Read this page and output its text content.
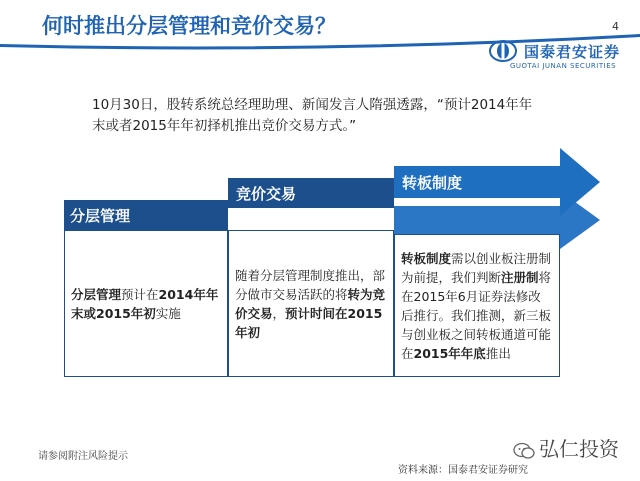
何时推出分层管理和竞价交易？	4
国泰君安证券
GUOTAI JUNAN SECURITIES
10月30日，股转系统总经理助理、新闻发言人隋强透露，“预计2014年年末或者2015年年初择机推出竞价交易方式。”
分层管理
竞价交易
转板制度
分层管理预计在2014年年末或2015年初实施
随着分层管理制度推出，部分做市交易活跃的将转为竞价交易，预计时间在2015年初
转板制度需以创业板注册制为前提，我们判断注册制将在2015年6月证券法修改后推行。我们推测，新三板与创业板之间转板通道可能在2015年年底推出
请参阅附注风险提示
资料来源：国泰君安证券研究
弘仁投资
